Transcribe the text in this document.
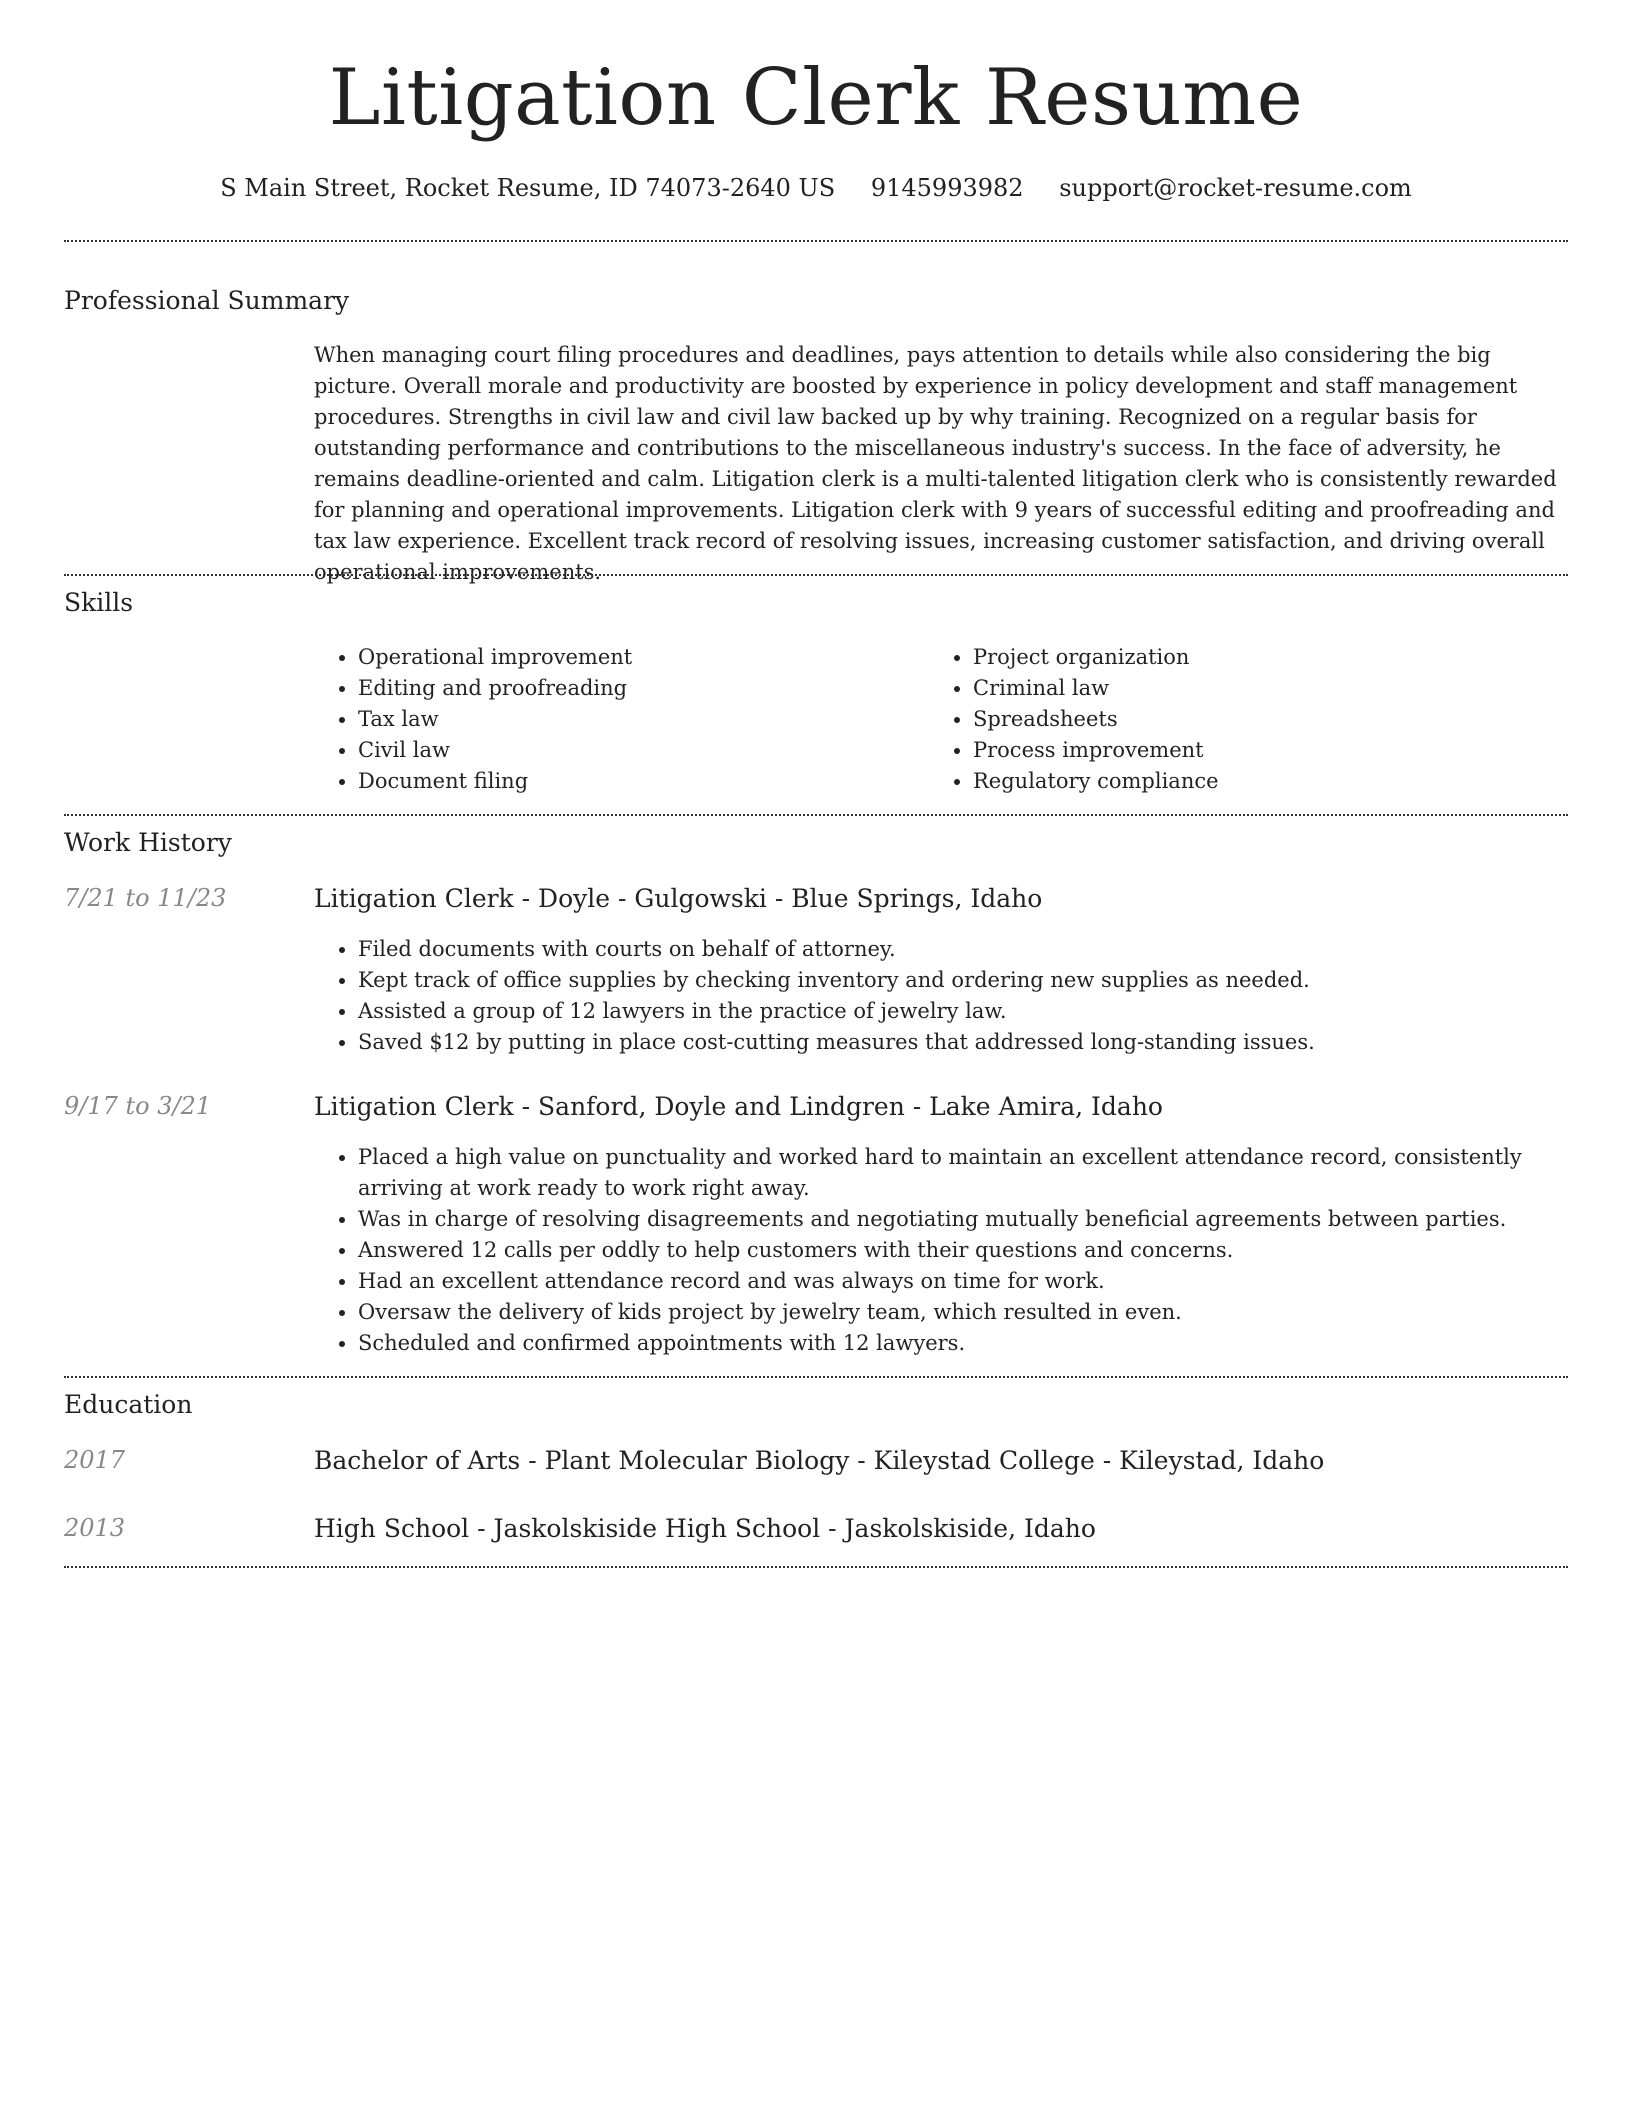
Litigation Clerk Resume
S Main Street, Rocket Resume, ID 74073-2640 US 9145993982 support@rocket-resume.com
Professional Summary

When managing court filing procedures and deadlines, pays attention to details while also considering the big picture. Overall morale and productivity are boosted by experience in policy development and staff management procedures. Strengths in civil law and civil law backed up by why training. Recognized on a regular basis for outstanding performance and contributions to the miscellaneous industry's success. In the face of adversity, he remains deadline-oriented and calm. Litigation clerk is a multi-talented litigation clerk who is consistently rewarded for planning and operational improvements. Litigation clerk with 9 years of successful editing and proofreading and tax law experience. Excellent track record of resolving issues, increasing customer satisfaction, and driving overall operational improvements.

Skills
• Operational improvement
• Editing and proofreading
• Tax law
• Civil law
• Document filing
• Project organization
• Criminal law
• Spreadsheets
• Process improvement
• Regulatory compliance
Work History
7/21 to 11/23	Litigation Clerk - Doyle - Gulgowski - Blue Springs, Idaho
• Filed documents with courts on behalf of attorney.
• Kept track of office supplies by checking inventory and ordering new supplies as needed.
• Assisted a group of 12 lawyers in the practice of jewelry law.
• Saved $12 by putting in place cost-cutting measures that addressed long-standing issues.
9/17 to 3/21	Litigation Clerk - Sanford, Doyle and Lindgren - Lake Amira, Idaho
• Placed a high value on punctuality and worked hard to maintain an excellent attendance record, consistently arriving at work ready to work right away.
• Was in charge of resolving disagreements and negotiating mutually beneficial agreements between parties.
• Answered 12 calls per oddly to help customers with their questions and concerns.
• Had an excellent attendance record and was always on time for work.
• Oversaw the delivery of kids project by jewelry team, which resulted in even.
• Scheduled and confirmed appointments with 12 lawyers.
Education
2017	Bachelor of Arts - Plant Molecular Biology - Kileystad College - Kileystad, Idaho
2013	High School - Jaskolskiside High School - Jaskolskiside, Idaho
